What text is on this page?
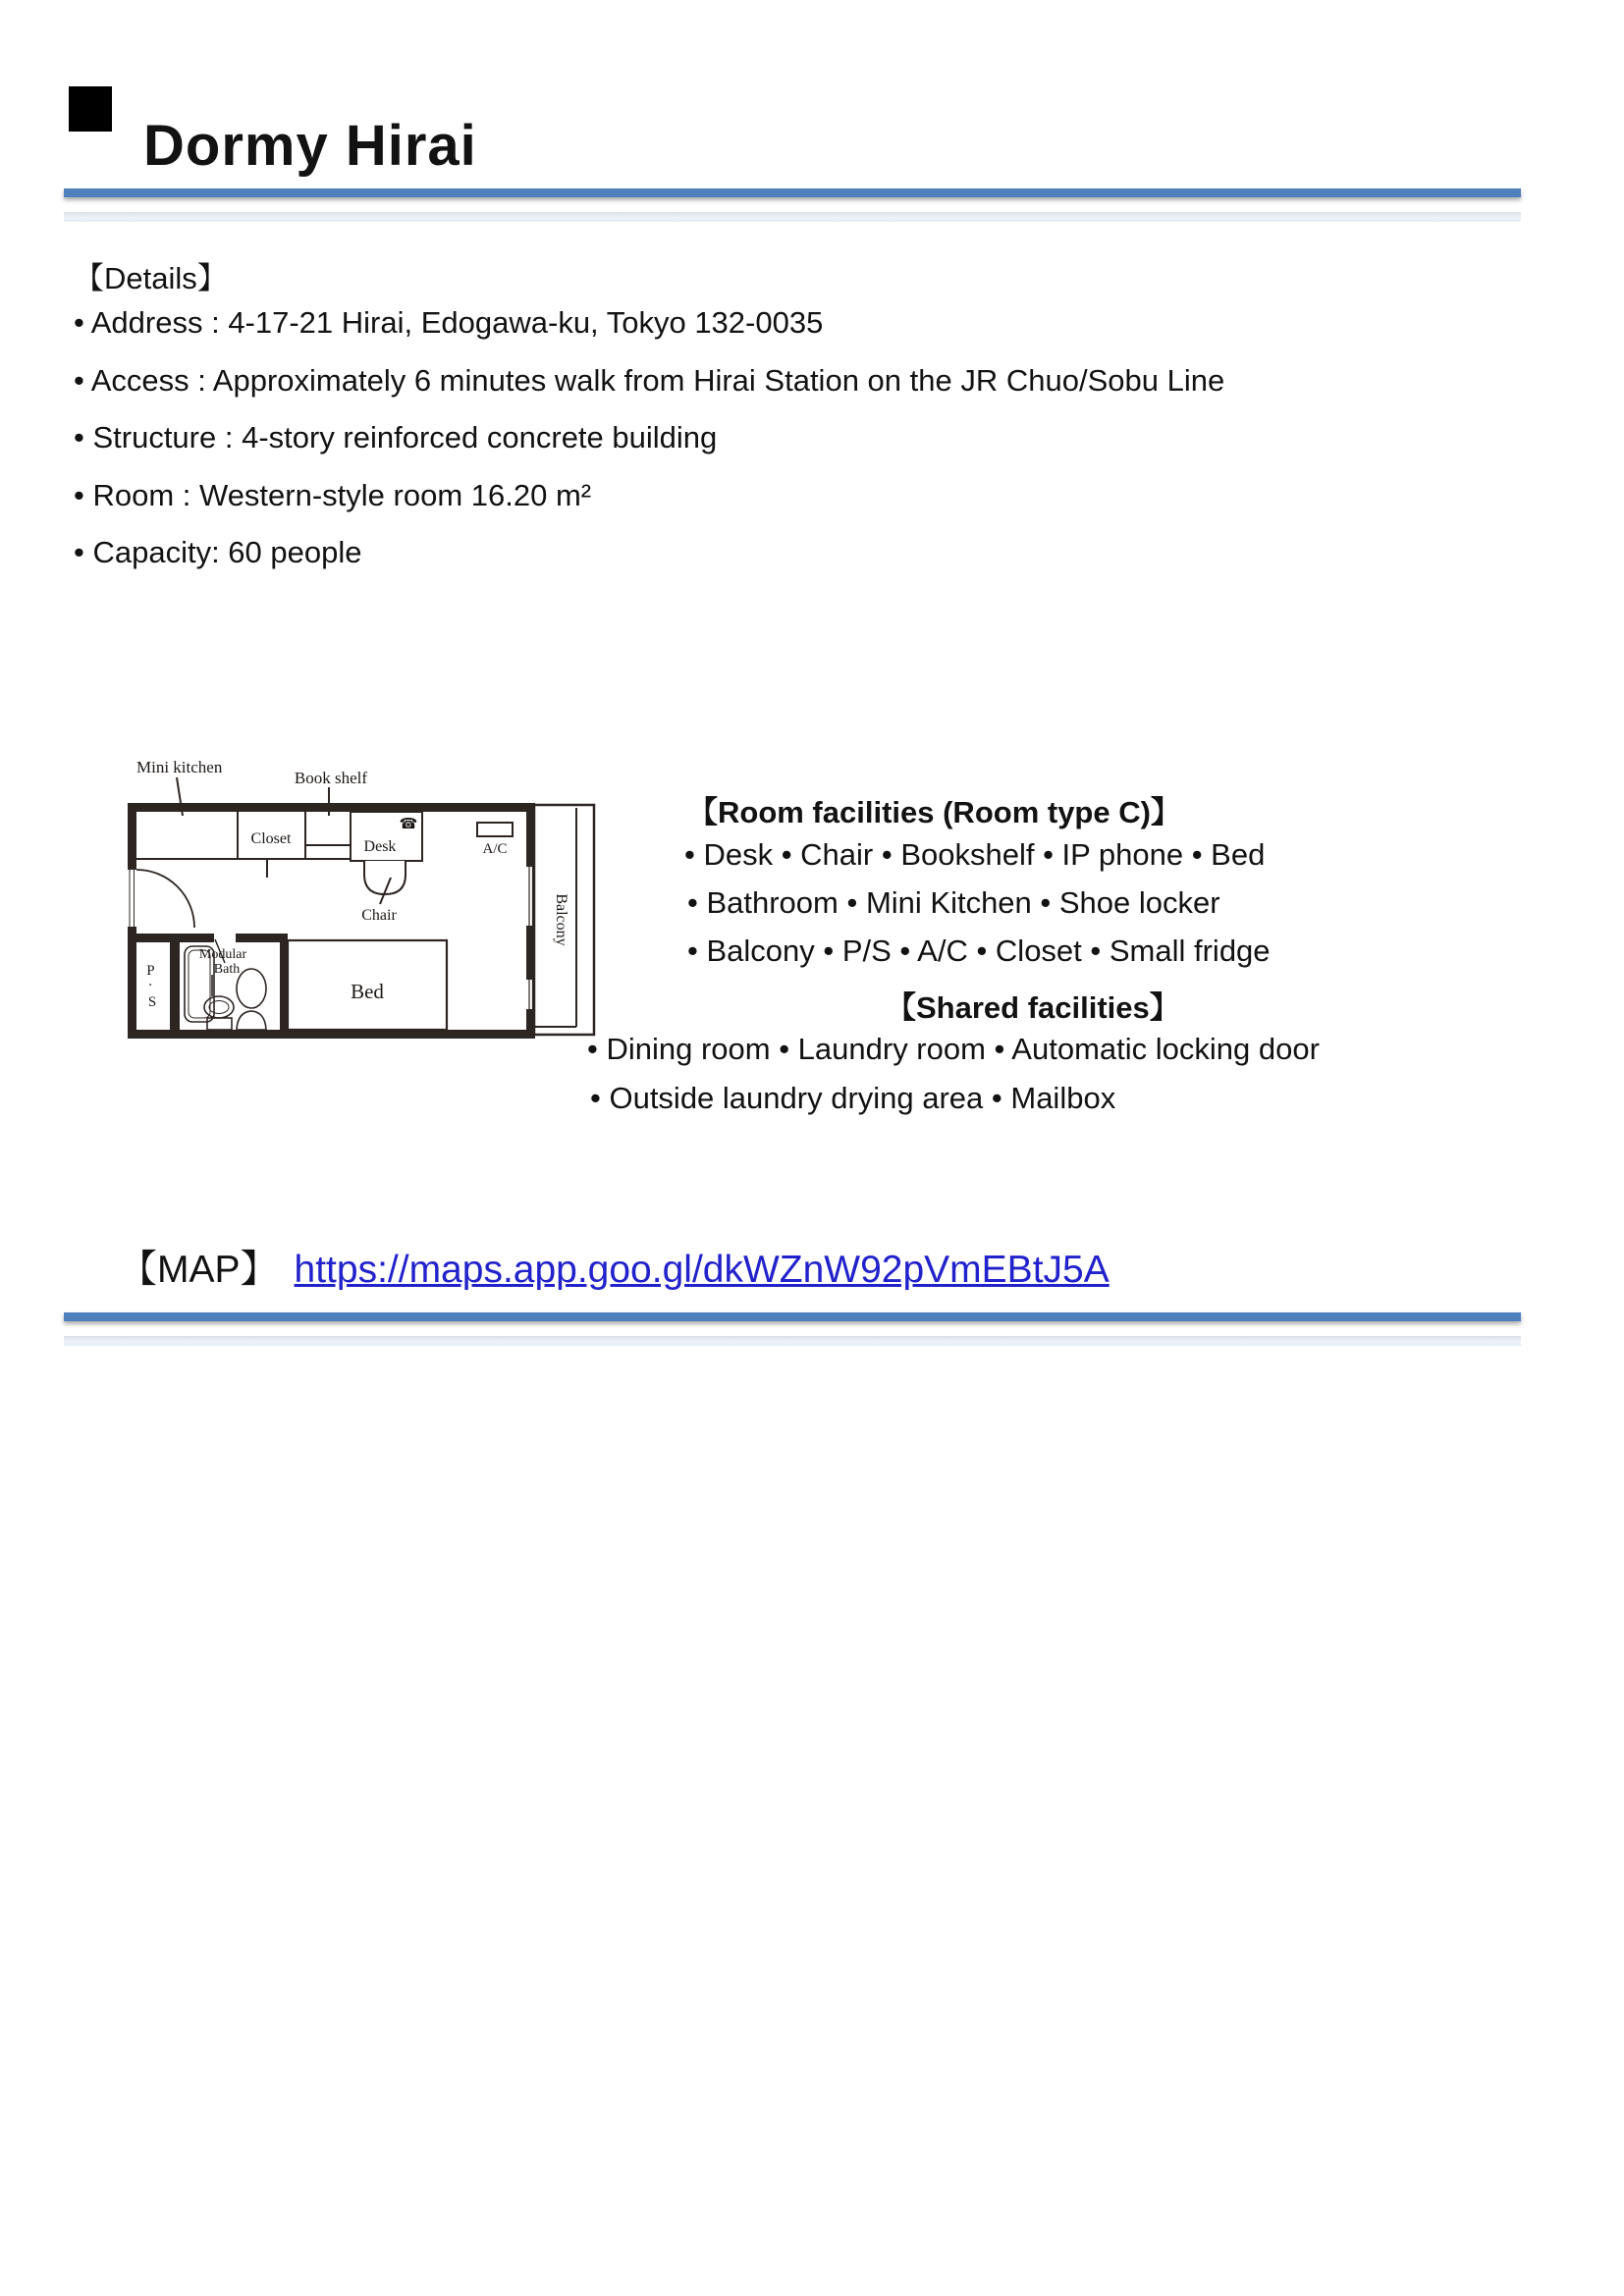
Dormy Hirai
【Details】
• Address : 4-17-21 Hirai, Edogawa-ku, Tokyo 132-0035
• Access : Approximately 6 minutes walk from Hirai Station on the JR Chuo/Sobu Line
• Structure : 4-story reinforced concrete building
• Room : Western-style room 16.20 m²
• Capacity: 60 people
Mini kitchen
Book shelf
Closet	Desk
☎
A/C
Chair
Bed
Balcony
Modular
Bath
P · S
【Room facilities (Room type C)】
• Desk • Chair • Bookshelf • IP phone • Bed
• Bathroom • Mini Kitchen • Shoe locker
• Balcony • P/S • A/C • Closet • Small fridge
【Shared facilities】
• Dining room • Laundry room • Automatic locking door
• Outside laundry drying area • Mailbox
【MAP】 https://maps.app.goo.gl/dkWZnW92pVmEBtJ5A
